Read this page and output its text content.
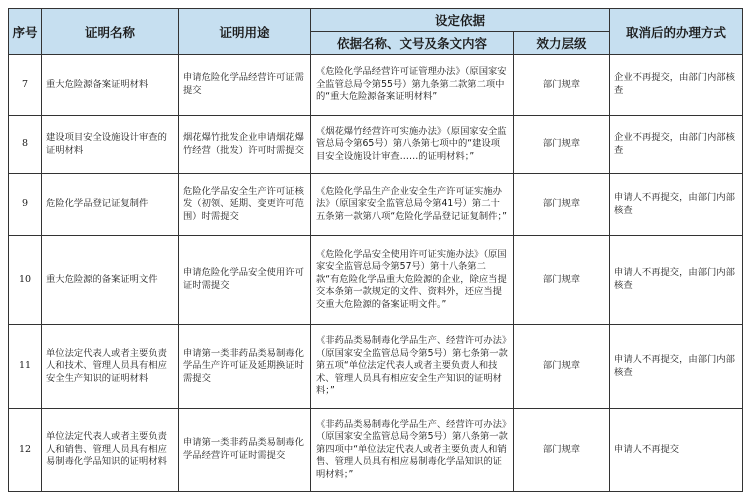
序号	证明名称	证明用途	设定依据		取消后的办理方式
			依据名称、文号及条文内容	效力层级	
7	重大危险源备案证明材料	申请危险化学品经营许可证需提交	《危险化学品经营许可证管理办法》（原国家安全监管总局令第55号）第九条第二款第二项中的“重大危险源备案证明材料”	部门规章	企业不再提交，由部门内部核查
8	建设项目安全设施设计审查的证明材料	烟花爆竹批发企业申请烟花爆竹经营（批发）许可时需提交	《烟花爆竹经营许可实施办法》（原国家安全监管总局令第65号）第八条第七项中的“建设项目安全设施设计审查……的证明材料；”	部门规章	企业不再提交，由部门内部核查
9	危险化学品登记证复制件	危险化学品安全生产许可证核发（初领、延期、变更许可范围）时需提交	《危险化学品生产企业安全生产许可证实施办法》（原国家安全监管总局令第41号）第二十五条第一款第八项“危险化学品登记证复制件；”	部门规章	申请人不再提交，由部门内部核查
10	重大危险源的备案证明文件	申请危险化学品安全使用许可证时需提交	《危险化学品安全使用许可证实施办法》（原国家安全监管总局令第57号）第十八条第二款“有危险化学品重大危险源的企业，除应当提交本条第一款规定的文件、资料外，还应当提交重大危险源的备案证明文件。”	部门规章	申请人不再提交，由部门内部核查
11	单位法定代表人或者主要负责人和技术、管理人员具有相应安全生产知识的证明材料	申请第一类非药品类易制毒化学品生产许可证及延期换证时需提交	《非药品类易制毒化学品生产、经营许可办法》（原国家安全监管总局令第5号）第七条第一款第五项“单位法定代表人或者主要负责人和技术、管理人员具有相应安全生产知识的证明材料；”	部门规章	申请人不再提交，由部门内部核查
12	单位法定代表人或者主要负责人和销售、管理人员具有相应易制毒化学品知识的证明材料	申请第一类非药品类易制毒化学品经营许可证时需提交	《非药品类易制毒化学品生产、经营许可办法》（原国家安全监管总局令第5号）第八条第一款第四项中“单位法定代表人或者主要负责人和销售、管理人员具有相应易制毒化学品知识的证明材料；”	部门规章	申请人不再提交
